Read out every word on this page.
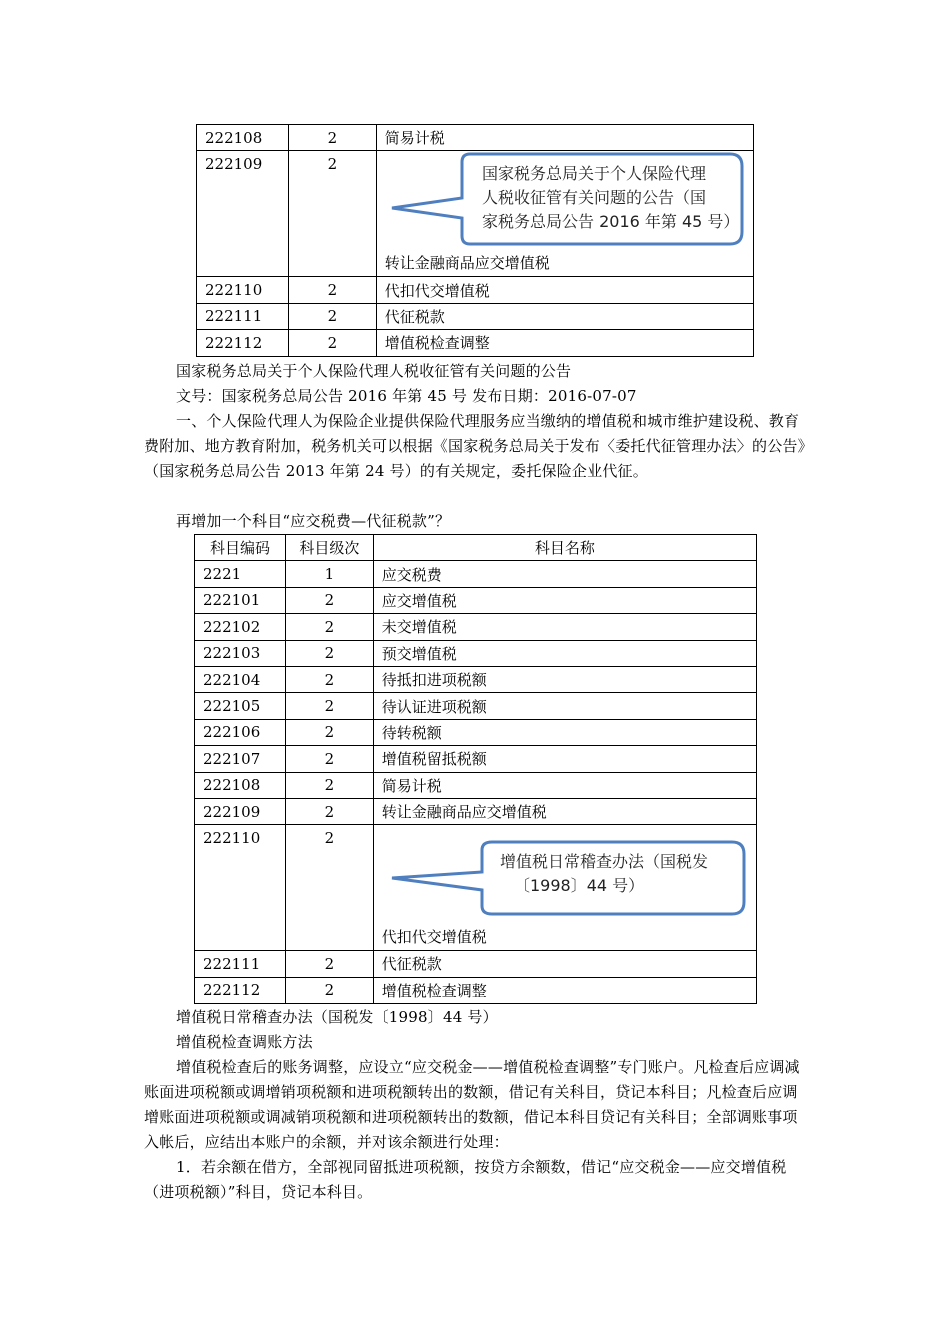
222108	2	简易计税
222109	2	转让金融商品应交增值税

222110	2	代扣代交增值税
222111	2	代征税款
222112	2	增值税检查调整
国家税务总局关于个人保险代理
人税收征管有关问题的公告（国
家税务总局公告 2016 年第 45 号）
国家税务总局关于个人保险代理人税收征管有关问题的公告
文号：国家税务总局公告 2016 年第 45 号 发布日期：2016-07-07
一、个人保险代理人为保险企业提供保险代理服务应当缴纳的增值税和城市维护建设税、教育费附加、地方教育附加，税务机关可以根据《国家税务总局关于发布〈委托代征管理办法〉的公告》（国家税务总局公告 2013 年第 24 号）的有关规定，委托保险企业代征。
再增加一个科目“应交税费—代征税款”？
科目编码	科目级次	科目名称
2221	1	应交税费
222101	2	应交增值税
222102	2	未交增值税
222103	2	预交增值税
222104	2	待抵扣进项税额
222105	2	待认证进项税额
222106	2	待转税额
222107	2	增值税留抵税额
222108	2	简易计税
222109	2	转让金融商品应交增值税
222110	2	代扣代交增值税

222111	2	代征税款
222112	2	增值税检查调整
增值税日常稽查办法（国税发
〔1998〕44 号）
增值税日常稽查办法（国税发〔1998〕44 号）
增值税检查调账方法
增值税检查后的账务调整，应设立“应交税金——增值税检查调整”专门账户。凡检查后应调减账面进项税额或调增销项税额和进项税额转出的数额，借记有关科目，贷记本科目；凡检查后应调增账面进项税额或调减销项税额和进项税额转出的数额，借记本科目贷记有关科目；全部调账事项入帐后，应结出本账户的余额，并对该余额进行处理：
1．若余额在借方，全部视同留抵进项税额，按贷方余额数，借记“应交税金——应交增值税（进项税额）”科目，贷记本科目。
